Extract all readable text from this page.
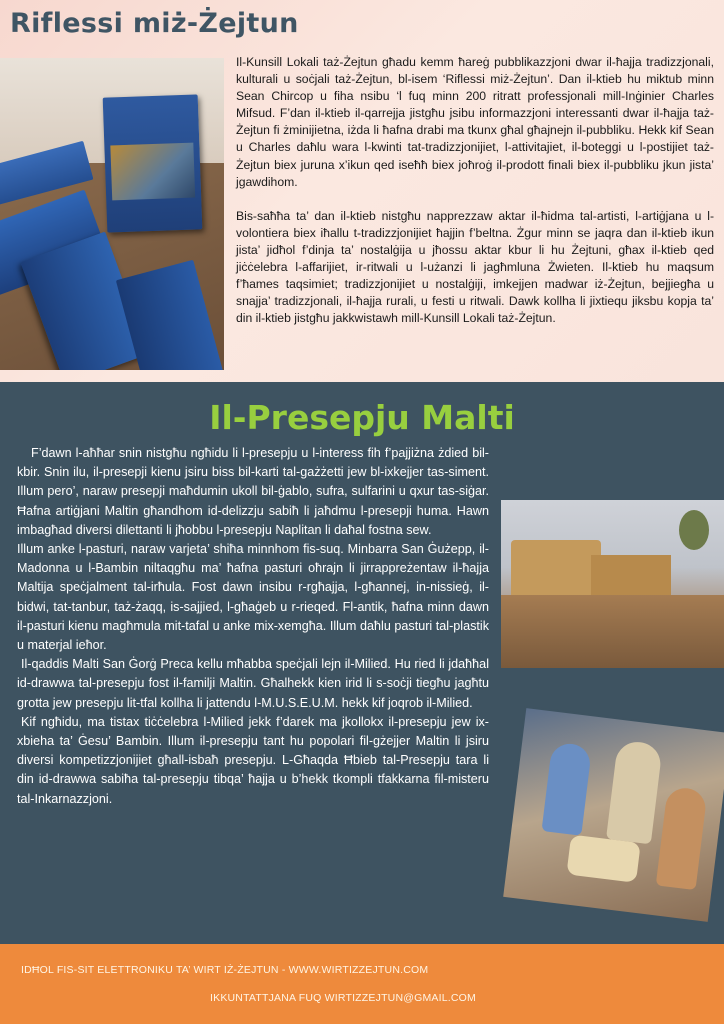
Riflessi miż-Żejtun

Il-Kunsill Lokali taż-Żejtun għadu kemm ħareġ pubblikazzjoni dwar il-ħajja tradizzjonali, kulturali u soċjali taż-Żejtun, bl-isem ‘Riflessi miż-Żejtun’. Dan il-ktieb hu miktub minn Sean Chircop u fiha nsibu ‘l fuq minn 200 ritratt professjonali mill-Inġinier Charles Mifsud. F’dan il-ktieb il-qarrejja jistgħu jsibu informazzjoni interessanti dwar il-ħajja taż-Żejtun fi żminijietna, iżda li ħafna drabi ma tkunx għal għajnejn il-pubbliku. Hekk kif Sean u Charles daħlu wara l-kwinti tat-tradizzjonijiet, l-attivitajiet, il-boteggi u l-postijiet taż-Żejtun biex juruna x’ikun qed iseħħ biex joħroġ il-prodott finali biex il-pubbliku jkun jista’ jgawdihom.

Bis-saħħa ta’ dan il-ktieb nistgħu napprezzaw aktar il-ħidma tal-artisti, l-artiġjana u l-volontiera biex iħallu t-tradizzjonijiet ħajjin f’beltna. Żgur minn se jaqra dan il-ktieb ikun jista’ jidħol f’dinja ta’ nostalġija u jħossu aktar kbur li hu Żejtuni, għax il-ktieb qed jiċċelebra l-affarijiet, ir-ritwali u l-użanzi li jagħmluna Żwieten. Il-ktieb hu maqsum f’ħames taqsimiet; tradizzjonijiet u nostalġiji, imkejjen madwar iż-Żejtun, bejjiegħa u snajja’ tradizzjonali, il-ħajja rurali, u festi u ritwali. Dawk kollha li jixtiequ jiksbu kopja ta’ din il-ktieb jistgħu jakkwistawh mill-Kunsill Lokali taż-Żejtun.

Il-Presepju Malti

F’dawn l-aħħar snin nistgħu ngħidu li l-presepju u l-interess fih f’pajjiżna żdied bil-kbir. Snin ilu, il-presepji kienu jsiru biss bil-karti tal-gażżetti jew bl-ixkejjer tas-siment. Illum pero’, naraw presepji maħdumin ukoll bil-ġablo, sufra, sulfarini u qxur tas-siġar. Ħafna artiġjani Maltin għandhom id-delizzju sabiħ li jaħdmu l-presepji huma. Hawn imbagħad diversi dilettanti li jħobbu l-presepju Naplitan li daħal fostna sew.

Illum anke l-pasturi, naraw varjeta’ shiħa minnhom fis-suq. Minbarra San Ġużepp, il-Madonna u l-Bambin niltaqgħu ma’ ħafna pasturi oħrajn li jirrappreżentaw il-ħajja Maltija speċjalment tal-irħula. Fost dawn insibu r-rgħajja, l-għannej, in-nissieġ, il-bidwi, tat-tanbur, taż-żaqq, is-sajjied, l-għaġeb u r-rieqed. Fl-antik, ħafna minn dawn il-pasturi kienu magħmula mit-tafal u anke mix-xemgħa. Illum daħlu pasturi tal-plastik u materjal ieħor.

Il-qaddis Malti San Ġorġ Preca kellu mħabba speċjali lejn il-Milied. Hu ried li jdaħħal id-drawwa tal-presepju fost il-familji Maltin. Għalhekk kien irid li s-soċji tiegħu jagħtu grotta jew presepju lit-tfal kollha li jattendu l-M.U.S.E.U.M. hekk kif joqrob il-Milied.

Kif ngħidu, ma tistax tiċċelebra l-Milied jekk f’darek ma jkollokx il-presepju jew ix-xbieha ta’ Ġesu’ Bambin. Illum il-presepju tant hu popolari fil-gżejjer Maltin li jsiru diversi kompetizzjonijiet għall-isbaħ presepju. L-Għaqda Ħbieb tal-Presepju tara li din id-drawwa sabiħa tal-presepju tibqa’ ħajja u b’hekk tkompli tfakkarna fil-misteru tal-Inkarnazzjoni.

IDĦOL FIS-SIT ELETTRONIKU TA’ WIRT IŻ-ŻEJTUN - WWW.WIRTIZZEJTUN.COM
IKKUNTATTJANA FUQ WIRTIZZEJTUN@GMAIL.COM
